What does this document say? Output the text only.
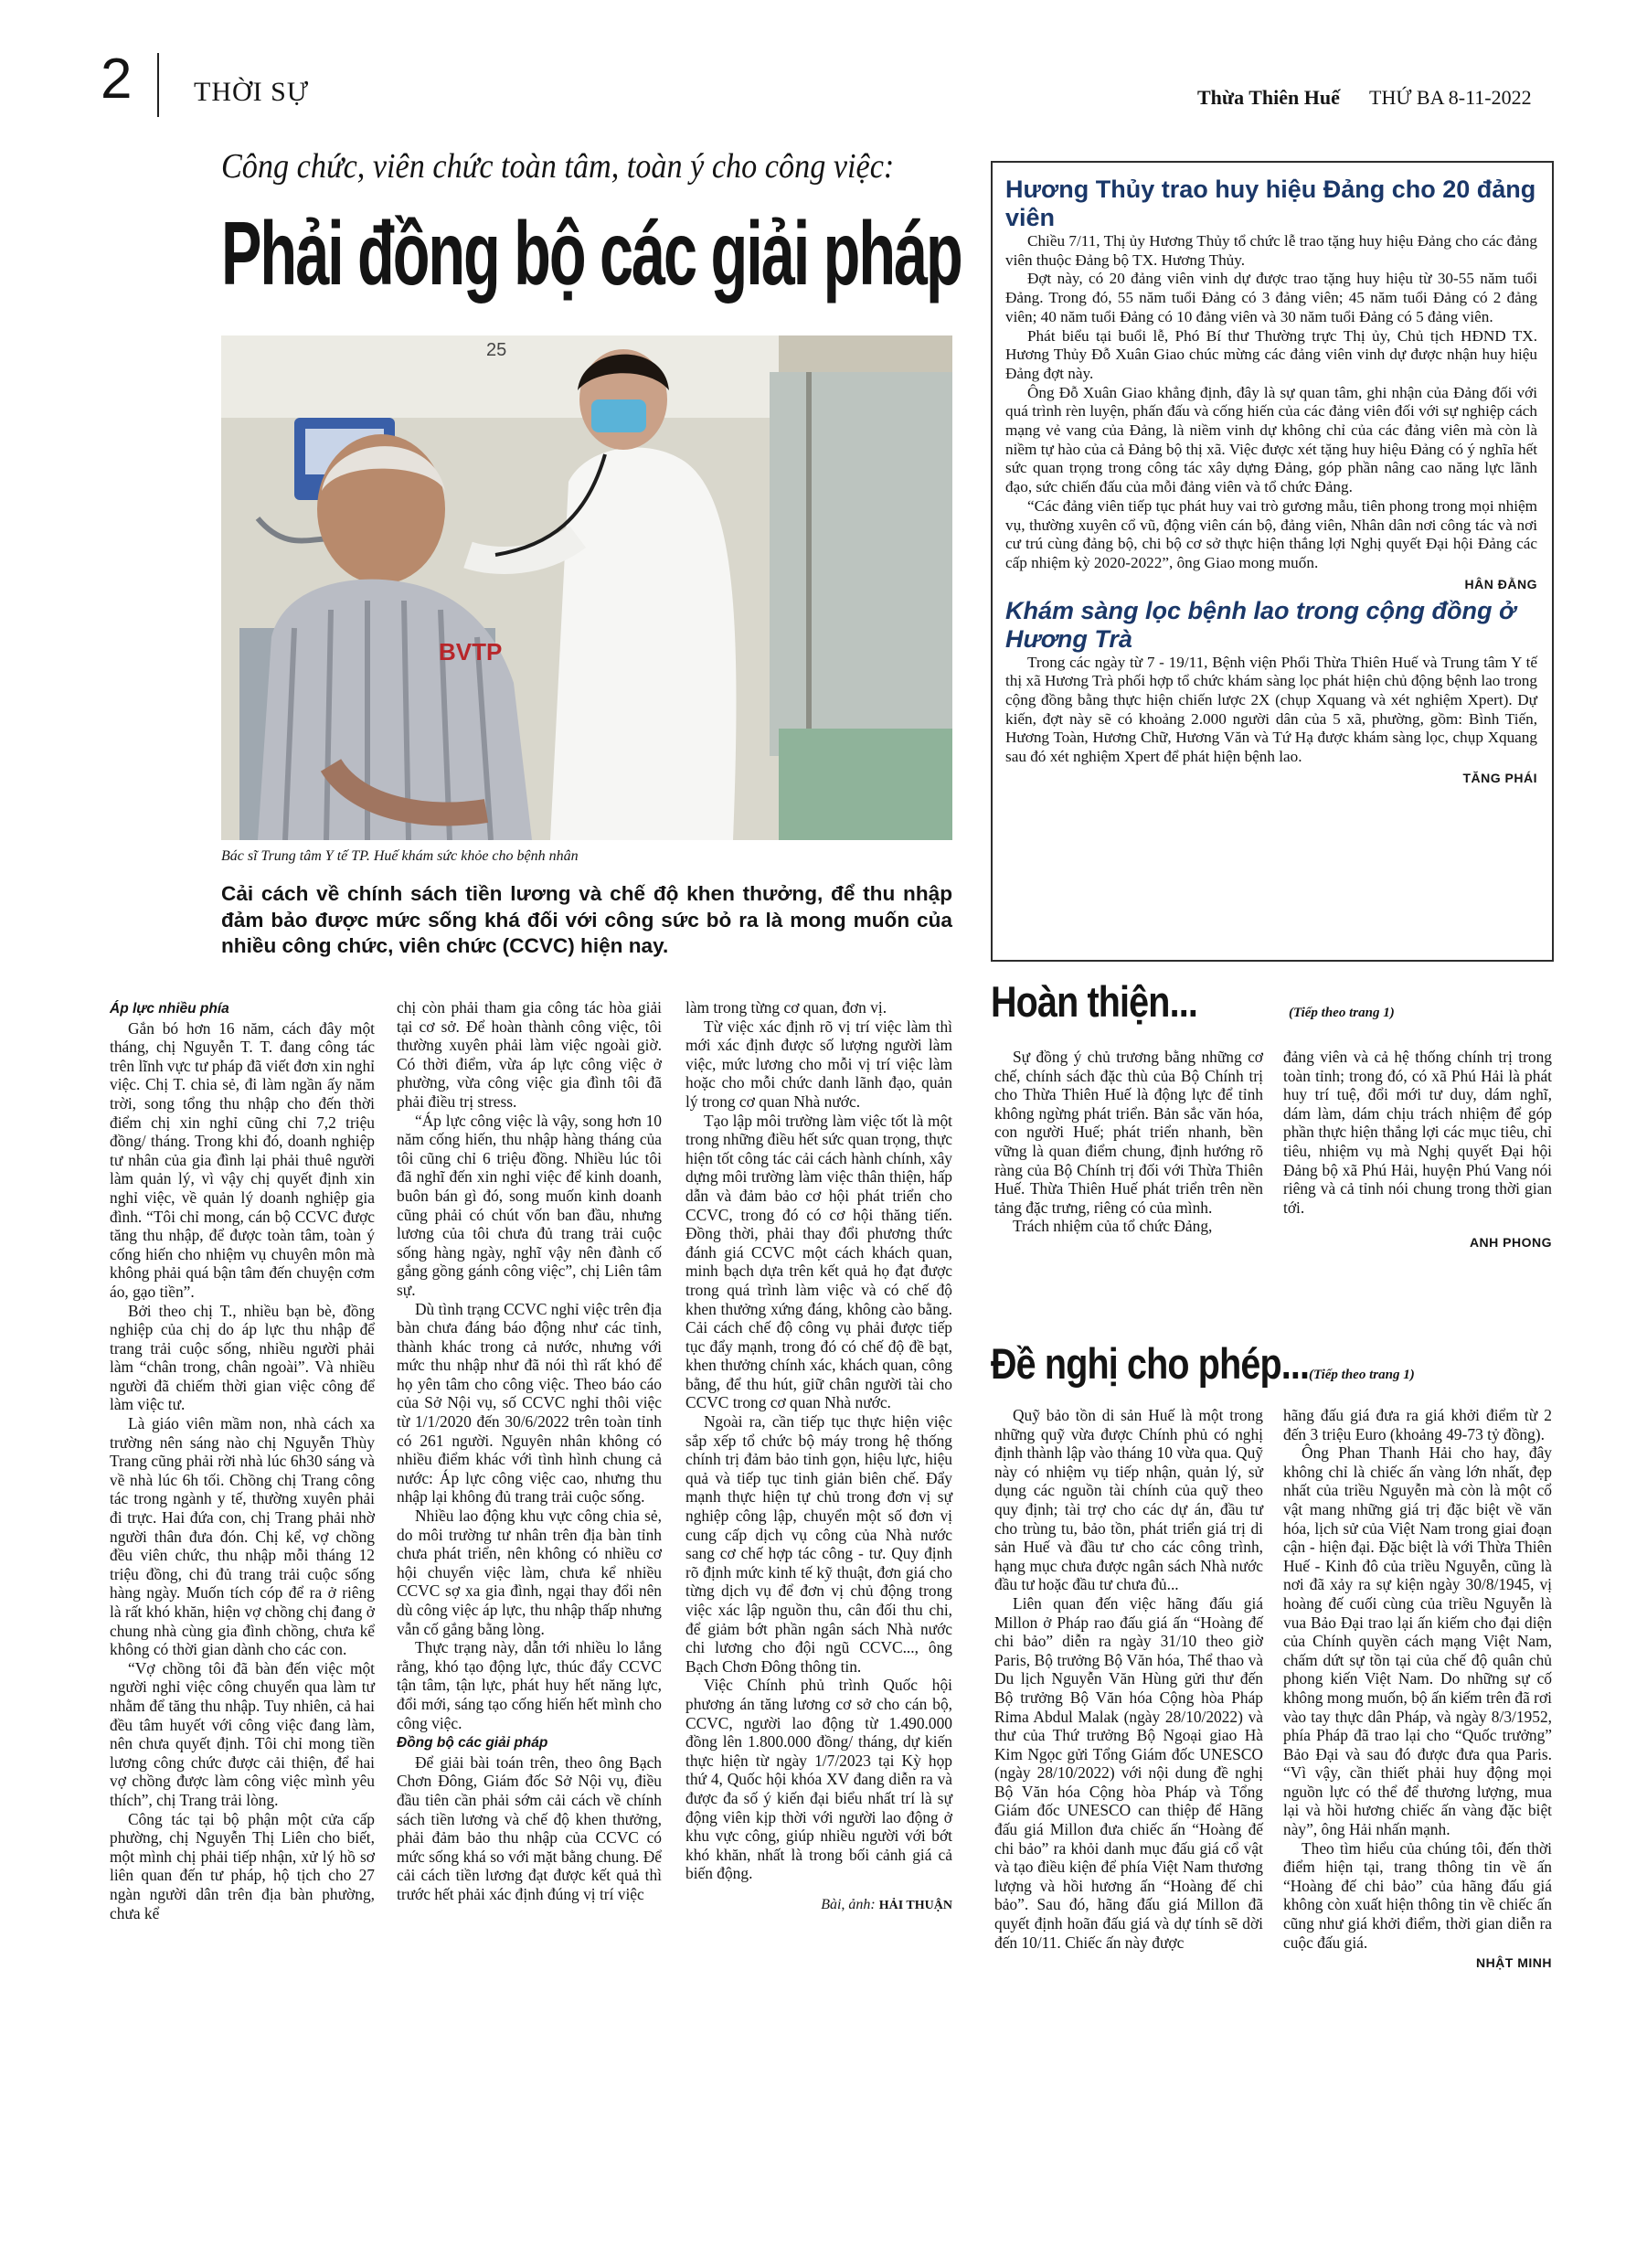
2 THỜI SỰ	Thừa Thiên Huế THỨ BA 8-11-2022
Công chức, viên chức toàn tâm, toàn ý cho công việc:
Phải đồng bộ các giải pháp
BVTP
25
Bác sĩ Trung tâm Y tế TP. Huế khám sức khỏe cho bệnh nhân
Cải cách về chính sách tiền lương và chế độ khen thưởng, để thu nhập đảm bảo được mức sống khá đối với công sức bỏ ra là mong muốn của nhiều công chức, viên chức (CCVC) hiện nay.

Áp lực nhiều phía

Gắn bó hơn 16 năm, cách đây một tháng, chị Nguyễn T. T. đang công tác trên lĩnh vực tư pháp đã viết đơn xin nghỉ việc. Chị T. chia sẻ, đi làm ngần ấy năm trời, song tổng thu nhập cho đến thời điểm chị xin nghỉ cũng chỉ 7,2 triệu đồng/ tháng. Trong khi đó, doanh nghiệp tư nhân của gia đình lại phải thuê người làm quản lý, vì vậy chị quyết định xin nghỉ việc, về quản lý doanh nghiệp gia đình. “Tôi chỉ mong, cán bộ CCVC được tăng thu nhập, để được toàn tâm, toàn ý cống hiến cho nhiệm vụ chuyên môn mà không phải quá bận tâm đến chuyện cơm áo, gạo tiền”.

Bởi theo chị T., nhiều bạn bè, đồng nghiệp của chị do áp lực thu nhập để trang trải cuộc sống, nhiều người phải làm “chân trong, chân ngoài”. Và nhiều người đã chiếm thời gian việc công để làm việc tư.

Là giáo viên mầm non, nhà cách xa trường nên sáng nào chị Nguyễn Thùy Trang cũng phải rời nhà lúc 6h30 sáng và về nhà lúc 6h tối. Chồng chị Trang công tác trong ngành y tế, thường xuyên phải đi trực. Hai đứa con, chị Trang phải nhờ người thân đưa đón. Chị kể, vợ chồng đều viên chức, thu nhập mỗi tháng 12 triệu đồng, chi đủ trang trải cuộc sống hàng ngày. Muốn tích cóp để ra ở riêng là rất khó khăn, hiện vợ chồng chị đang ở chung nhà cùng gia đình chồng, chưa kể không có thời gian dành cho các con.

“Vợ chồng tôi đã bàn đến việc một người nghỉ việc công chuyển qua làm tư nhằm để tăng thu nhập. Tuy nhiên, cả hai đều tâm huyết với công việc đang làm, nên chưa quyết định. Tôi chỉ mong tiền lương công chức được cải thiện, để hai vợ chồng được làm công việc mình yêu thích”, chị Trang trải lòng.

Công tác tại bộ phận một cửa cấp phường, chị Nguyễn Thị Liên cho biết, một mình chị phải tiếp nhận, xử lý hồ sơ liên quan đến tư pháp, hộ tịch cho 27 ngàn người dân trên địa bàn phường, chưa kể

chị còn phải tham gia công tác hòa giải tại cơ sở. Để hoàn thành công việc, tôi thường xuyên phải làm việc ngoài giờ. Có thời điểm, vừa áp lực công việc ở phường, vừa công việc gia đình tôi đã phải điều trị stress.

“Áp lực công việc là vậy, song hơn 10 năm cống hiến, thu nhập hàng tháng của tôi cũng chỉ 6 triệu đồng. Nhiều lúc tôi đã nghĩ đến xin nghỉ việc để kinh doanh, buôn bán gì đó, song muốn kinh doanh cũng phải có chút vốn ban đầu, nhưng lương của tôi chưa đủ trang trải cuộc sống hàng ngày, nghĩ vậy nên đành cố gắng gồng gánh công việc”, chị Liên tâm sự.

Dù tình trạng CCVC nghỉ việc trên địa bàn chưa đáng báo động như các tỉnh, thành khác trong cả nước, nhưng với mức thu nhập như đã nói thì rất khó để họ yên tâm cho công việc. Theo báo cáo của Sở Nội vụ, số CCVC nghỉ thôi việc từ 1/1/2020 đến 30/6/2022 trên toàn tỉnh có 261 người. Nguyên nhân không có nhiều điểm khác với tình hình chung cả nước: Áp lực công việc cao, nhưng thu nhập lại không đủ trang trải cuộc sống.

Nhiều lao động khu vực công chia sẻ, do môi trường tư nhân trên địa bàn tỉnh chưa phát triển, nên không có nhiều cơ hội chuyển việc làm, chưa kể nhiều CCVC sợ xa gia đình, ngại thay đổi nên dù công việc áp lực, thu nhập thấp nhưng vẫn cố gắng bằng lòng.

Thực trạng này, dẫn tới nhiều lo lắng rằng, khó tạo động lực, thúc đẩy CCVC tận tâm, tận lực, phát huy hết năng lực, đổi mới, sáng tạo cống hiến hết mình cho công việc.

Đồng bộ các giải pháp

Để giải bài toán trên, theo ông Bạch Chơn Đông, Giám đốc Sở Nội vụ, điều đầu tiên cần phải sớm cải cách về chính sách tiền lương và chế độ khen thưởng, phải đảm bảo thu nhập của CCVC có mức sống khá so với mặt bằng chung. Để cải cách tiền lương đạt được kết quả thì trước hết phải xác định đúng vị trí việc

làm trong từng cơ quan, đơn vị.

Từ việc xác định rõ vị trí việc làm thì mới xác định được số lượng người làm việc, mức lương cho mỗi vị trí việc làm hoặc cho mỗi chức danh lãnh đạo, quản lý trong cơ quan Nhà nước.

Tạo lập môi trường làm việc tốt là một trong những điều hết sức quan trọng, thực hiện tốt công tác cải cách hành chính, xây dựng môi trường làm việc thân thiện, hấp dẫn và đảm bảo cơ hội phát triển cho CCVC, trong đó có cơ hội thăng tiến. Đồng thời, phải thay đổi phương thức đánh giá CCVC một cách khách quan, minh bạch dựa trên kết quả họ đạt được trong quá trình làm việc và có chế độ khen thưởng xứng đáng, không cào bằng. Cải cách chế độ công vụ phải được tiếp tục đẩy mạnh, trong đó có chế độ đề bạt, khen thưởng chính xác, khách quan, công bằng, để thu hút, giữ chân người tài cho CCVC trong cơ quan Nhà nước.

Ngoài ra, cần tiếp tục thực hiện việc sắp xếp tổ chức bộ máy trong hệ thống chính trị đảm bảo tinh gọn, hiệu lực, hiệu quả và tiếp tục tinh giản biên chế. Đẩy mạnh thực hiện tự chủ trong đơn vị sự nghiệp công lập, chuyển một số đơn vị cung cấp dịch vụ công của Nhà nước sang cơ chế hợp tác công - tư. Quy định rõ định mức kinh tế kỹ thuật, đơn giá cho từng dịch vụ để đơn vị chủ động trong việc xác lập nguồn thu, cân đối thu chi, để giảm bớt phần ngân sách Nhà nước chi lương cho đội ngũ CCVC..., ông Bạch Chơn Đông thông tin.

Việc Chính phủ trình Quốc hội phương án tăng lương cơ sở cho cán bộ, CCVC, người lao động từ 1.490.000 đồng lên 1.800.000 đồng/ tháng, dự kiến thực hiện từ ngày 1/7/2023 tại Kỳ họp thứ 4, Quốc hội khóa XV đang diễn ra và được đa số ý kiến đại biểu nhất trí là sự động viên kịp thời với người lao động ở khu vực công, giúp nhiều người với bớt khó khăn, nhất là trong bối cảnh giá cả biến động.

Bài, ảnh: HẢI THUẬN
Hương Thủy trao huy hiệu Đảng cho 20 đảng viên

Chiều 7/11, Thị ủy Hương Thủy tổ chức lễ trao tặng huy hiệu Đảng cho các đảng viên thuộc Đảng bộ TX. Hương Thủy.

Đợt này, có 20 đảng viên vinh dự được trao tặng huy hiệu từ 30-55 năm tuổi Đảng. Trong đó, 55 năm tuổi Đảng có 3 đảng viên; 45 năm tuổi Đảng có 2 đảng viên; 40 năm tuổi Đảng có 10 đảng viên và 30 năm tuổi Đảng có 5 đảng viên.

Phát biểu tại buổi lễ, Phó Bí thư Thường trực Thị ủy, Chủ tịch HĐND TX. Hương Thủy Đỗ Xuân Giao chúc mừng các đảng viên vinh dự được nhận huy hiệu Đảng đợt này.

Ông Đỗ Xuân Giao khẳng định, đây là sự quan tâm, ghi nhận của Đảng đối với quá trình rèn luyện, phấn đấu và cống hiến của các đảng viên đối với sự nghiệp cách mạng vẻ vang của Đảng, là niềm vinh dự không chỉ của các đảng viên mà còn là niềm tự hào của cả Đảng bộ thị xã. Việc được xét tặng huy hiệu Đảng có ý nghĩa hết sức quan trọng trong công tác xây dựng Đảng, góp phần nâng cao năng lực lãnh đạo, sức chiến đấu của mỗi đảng viên và tổ chức Đảng.

“Các đảng viên tiếp tục phát huy vai trò gương mẫu, tiên phong trong mọi nhiệm vụ, thường xuyên cổ vũ, động viên cán bộ, đảng viên, Nhân dân nơi công tác và nơi cư trú cùng đảng bộ, chi bộ cơ sở thực hiện thắng lợi Nghị quyết Đại hội Đảng các cấp nhiệm kỳ 2020-2022”, ông Giao mong muốn.

HÂN ĐẰNG
Khám sàng lọc bệnh lao trong cộng đồng ở Hương Trà

Trong các ngày từ 7 - 19/11, Bệnh viện Phổi Thừa Thiên Huế và Trung tâm Y tế thị xã Hương Trà phối hợp tổ chức khám sàng lọc phát hiện chủ động bệnh lao trong cộng đồng bằng thực hiện chiến lược 2X (chụp Xquang và xét nghiệm Xpert). Dự kiến, đợt này sẽ có khoảng 2.000 người dân của 5 xã, phường, gồm: Bình Tiến, Hương Toàn, Hương Chữ, Hương Văn và Tứ Hạ được khám sàng lọc, chụp Xquang sau đó xét nghiệm Xpert để phát hiện bệnh lao.

TĂNG PHÁI
Hoàn thiện...	(Tiếp theo trang 1)

Sự đồng ý chủ trương bằng những cơ chế, chính sách đặc thù của Bộ Chính trị cho Thừa Thiên Huế là động lực để tỉnh không ngừng phát triển. Bản sắc văn hóa, con người Huế; phát triển nhanh, bền vững là quan điểm chung, định hướng rõ ràng của Bộ Chính trị đối với Thừa Thiên Huế. Thừa Thiên Huế phát triển trên nền tảng đặc trưng, riêng có của mình.

Trách nhiệm của tổ chức Đảng,

đảng viên và cả hệ thống chính trị trong toàn tỉnh; trong đó, có xã Phú Hải là phát huy trí tuệ, đổi mới tư duy, dám nghĩ, dám làm, dám chịu trách nhiệm để góp phần thực hiện thắng lợi các mục tiêu, chỉ tiêu, nhiệm vụ mà Nghị quyết Đại hội Đảng bộ xã Phú Hải, huyện Phú Vang nói riêng và cả tỉnh nói chung trong thời gian tới.

ANH PHONG
Đề nghị cho phép... (Tiếp theo trang 1)

Quỹ bảo tồn di sản Huế là một trong những quỹ vừa được Chính phủ có nghị định thành lập vào tháng 10 vừa qua. Quỹ này có nhiệm vụ tiếp nhận, quản lý, sử dụng các nguồn tài chính của quỹ theo quy định; tài trợ cho các dự án, đầu tư cho trùng tu, bảo tồn, phát triển giá trị di sản Huế và đầu tư cho các công trình, hạng mục chưa được ngân sách Nhà nước đầu tư hoặc đầu tư chưa đủ...

Liên quan đến việc hãng đấu giá Millon ở Pháp rao đấu giá ấn “Hoàng đế chi bảo” diễn ra ngày 31/10 theo giờ Paris, Bộ trưởng Bộ Văn hóa, Thể thao và Du lịch Nguyễn Văn Hùng gửi thư đến Bộ trưởng Bộ Văn hóa Cộng hòa Pháp Rima Abdul Malak (ngày 28/10/2022) và thư của Thứ trưởng Bộ Ngoại giao Hà Kim Ngọc gửi Tổng Giám đốc UNESCO (ngày 28/10/2022) với nội dung đề nghị Bộ Văn hóa Cộng hòa Pháp và Tổng Giám đốc UNESCO can thiệp để Hãng đấu giá Millon đưa chiếc ấn “Hoàng đế chi bảo” ra khỏi danh mục đấu giá cổ vật và tạo điều kiện để phía Việt Nam thương lượng và hồi hương ấn “Hoàng đế chi bảo”. Sau đó, hãng đấu giá Millon đã quyết định hoãn đấu giá và dự tính sẽ dời đến 10/11. Chiếc ấn này được

hãng đấu giá đưa ra giá khởi điểm từ 2 đến 3 triệu Euro (khoảng 49-73 tỷ đồng).

Ông Phan Thanh Hải cho hay, đây không chỉ là chiếc ấn vàng lớn nhất, đẹp nhất của triều Nguyễn mà còn là một cổ vật mang những giá trị đặc biệt về văn hóa, lịch sử của Việt Nam trong giai đoạn cận - hiện đại. Đặc biệt là với Thừa Thiên Huế - Kinh đô của triều Nguyễn, cũng là nơi đã xảy ra sự kiện ngày 30/8/1945, vị hoàng đế cuối cùng của triều Nguyễn là vua Bảo Đại trao lại ấn kiếm cho đại diện của Chính quyền cách mạng Việt Nam, chấm dứt sự tồn tại của chế độ quân chủ phong kiến Việt Nam. Do những sự cố không mong muốn, bộ ấn kiếm trên đã rơi vào tay thực dân Pháp, và ngày 8/3/1952, phía Pháp đã trao lại cho “Quốc trưởng” Bảo Đại và sau đó được đưa qua Paris. “Vì vậy, cần thiết phải huy động mọi nguồn lực có thể để thương lượng, mua lại và hồi hương chiếc ấn vàng đặc biệt này”, ông Hải nhấn mạnh.

Theo tìm hiểu của chúng tôi, đến thời điểm hiện tại, trang thông tin về ấn “Hoàng đế chi bảo” của hãng đấu giá không còn xuất hiện thông tin về chiếc ấn cũng như giá khởi điểm, thời gian diễn ra cuộc đấu giá.

NHẬT MINH
